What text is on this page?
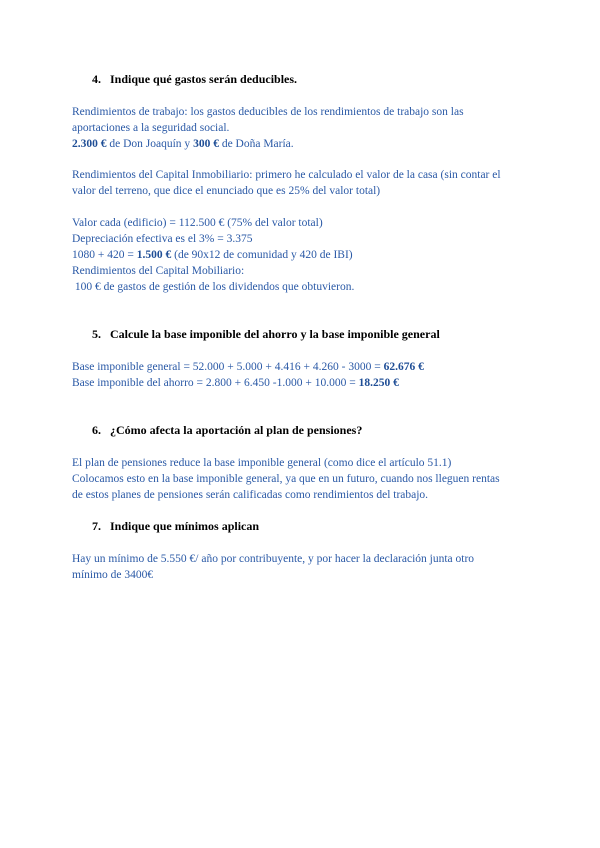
4. Indique qué gastos serán deducibles.
Rendimientos de trabajo: los gastos deducibles de los rendimientos de trabajo son las
aportaciones a la seguridad social.
2.300 € de Don Joaquín y 300 € de Doña María.
Rendimientos del Capital Inmobiliario: primero he calculado el valor de la casa (sin contar el
valor del terreno, que dice el enunciado que es 25% del valor total)
Valor cada (edificio) = 112.500 € (75% del valor total)
Depreciación efectiva es el 3% = 3.375
1080 + 420 = 1.500 € (de 90x12 de comunidad y 420 de IBI)
Rendimientos del Capital Mobiliario:
100 € de gastos de gestión de los dividendos que obtuvieron.
5. Calcule la base imponible del ahorro y la base imponible general
Base imponible general = 52.000 + 5.000 + 4.416 + 4.260 - 3000 = 62.676 €
Base imponible del ahorro = 2.800 + 6.450 -1.000 + 10.000 = 18.250 €
6. ¿Cómo afecta la aportación al plan de pensiones?
El plan de pensiones reduce la base imponible general (como dice el artículo 51.1)
Colocamos esto en la base imponible general, ya que en un futuro, cuando nos lleguen rentas
de estos planes de pensiones serán calificadas como rendimientos del trabajo.
7. Indique que mínimos aplican
Hay un mínimo de 5.550 €/ año por contribuyente, y por hacer la declaración junta otro
mínimo de 3400€
